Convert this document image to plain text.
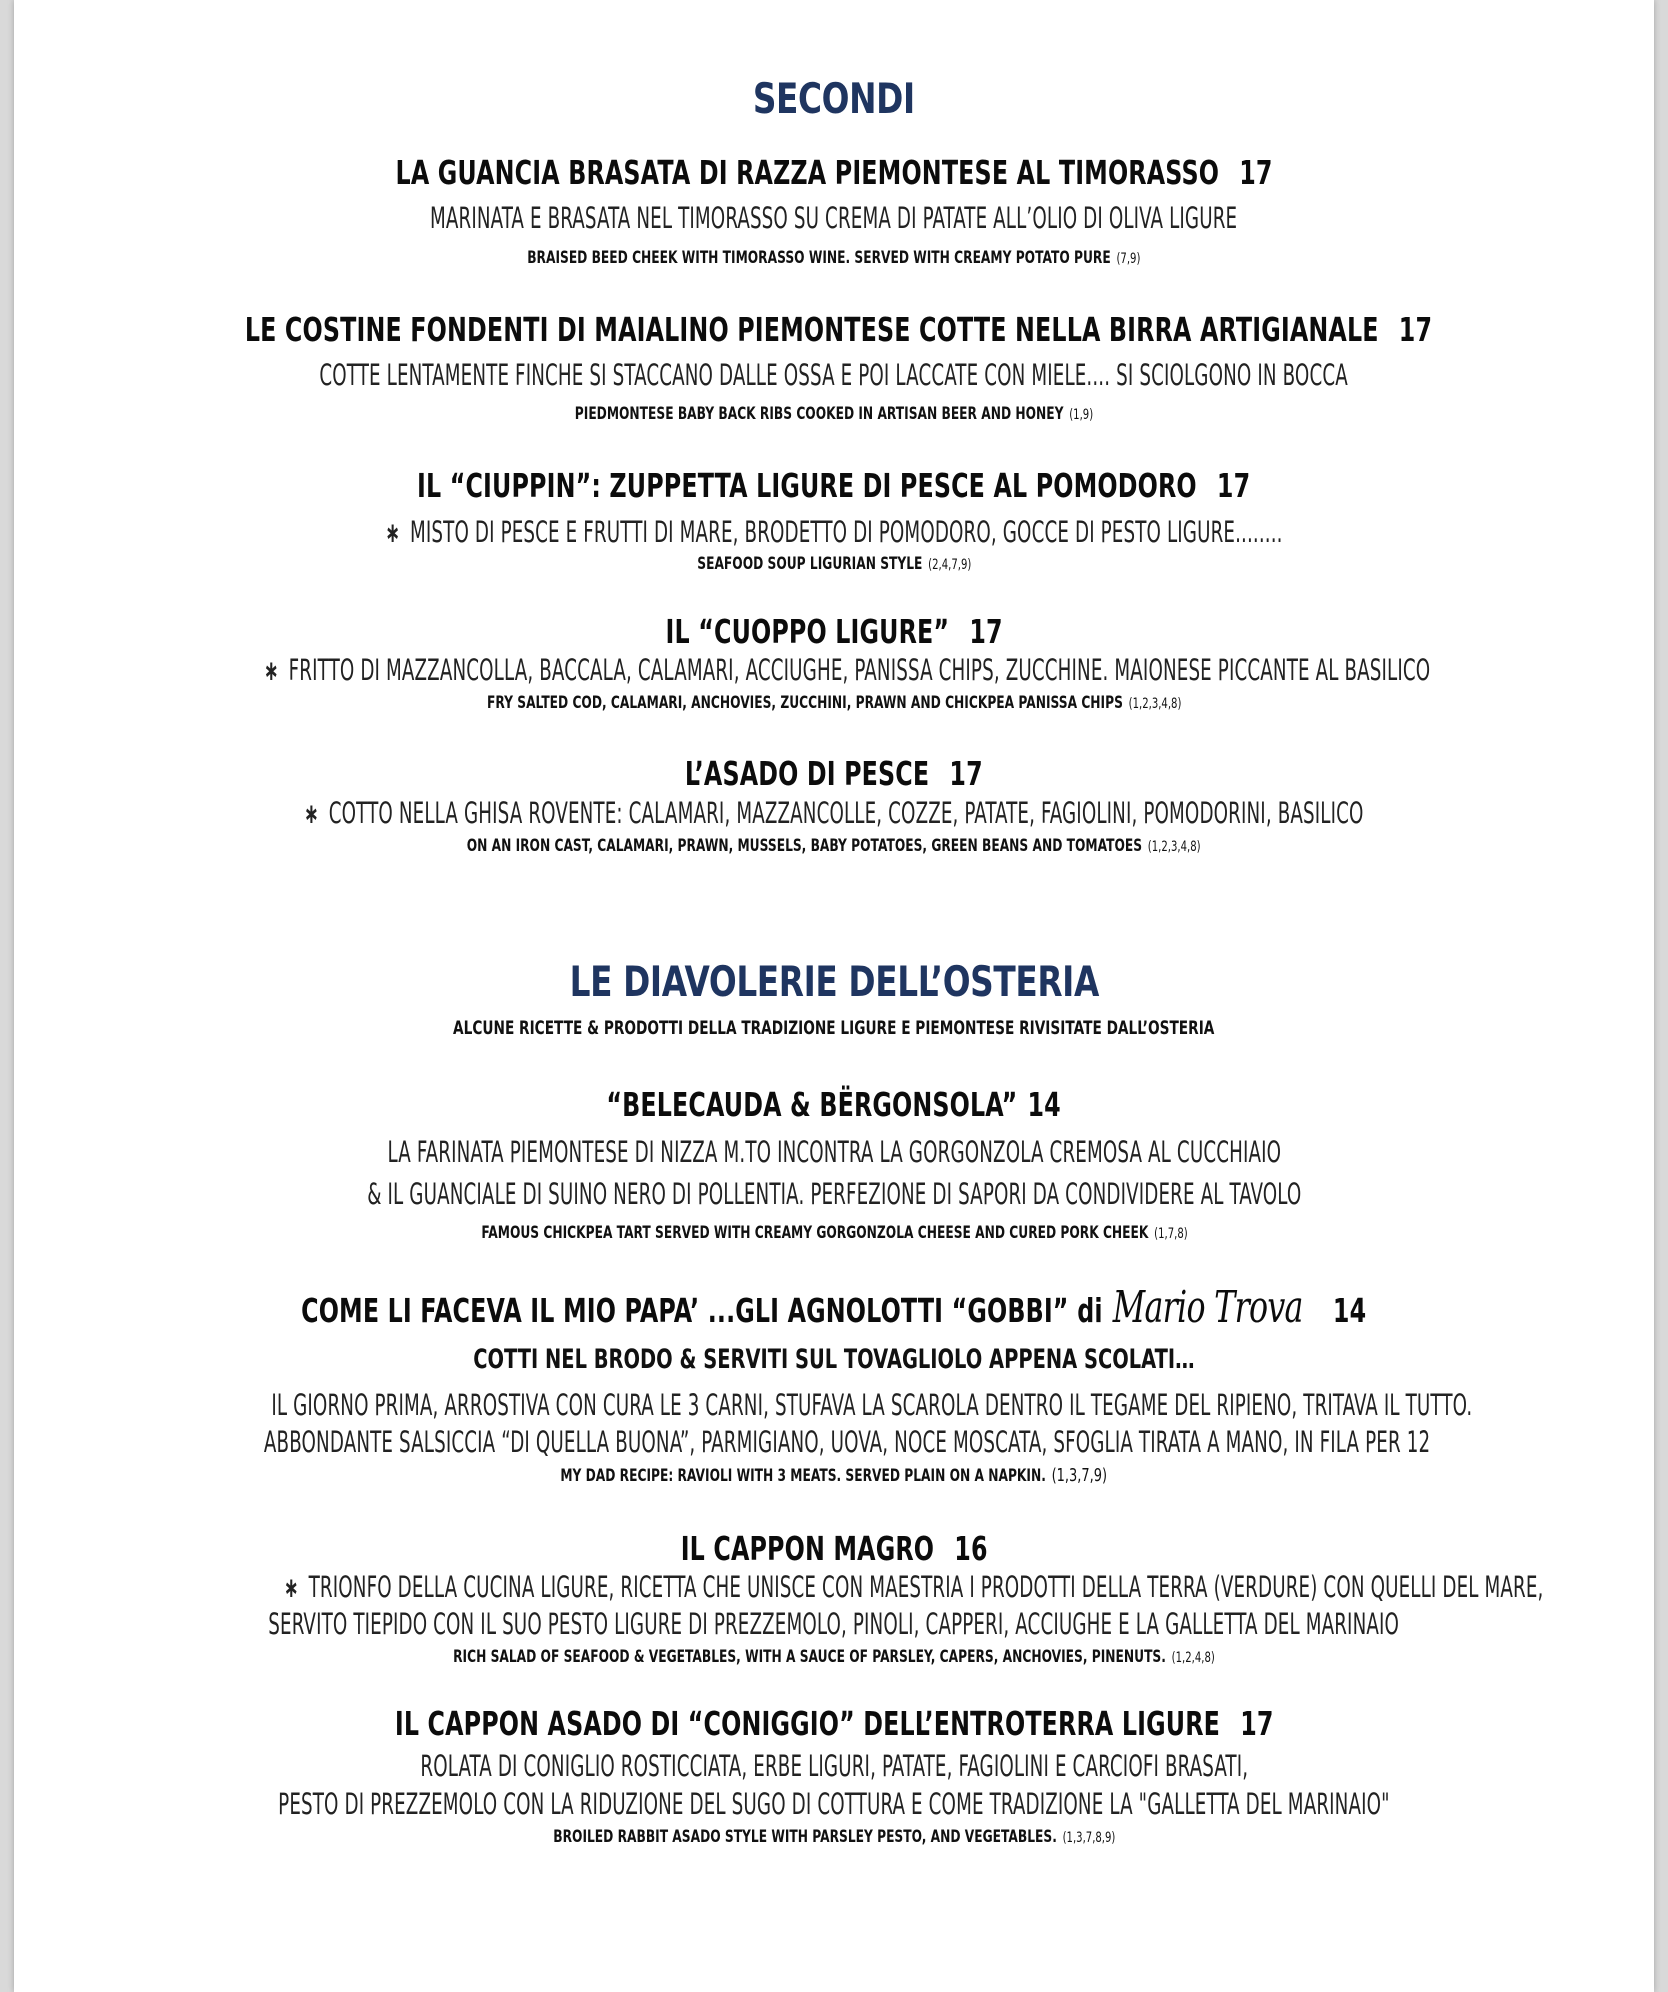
SECONDI
LA GUANCIA BRASATA DI RAZZA PIEMONTESE AL TIMORASSO 17
MARINATA E BRASATA NEL TIMORASSO SU CREMA DI PATATE ALL’OLIO DI OLIVA LIGURE
BRAISED BEED CHEEK WITH TIMORASSO WINE. SERVED WITH CREAMY POTATO PURE (7,9)
LE COSTINE FONDENTI DI MAIALINO PIEMONTESE COTTE NELLA BIRRA ARTIGIANALE 17
COTTE LENTAMENTE FINCHE SI STACCANO DALLE OSSA E POI LACCATE CON MIELE.... SI SCIOLGONO IN BOCCA
PIEDMONTESE BABY BACK RIBS COOKED IN ARTISAN BEER AND HONEY (1,9)
IL “CIUPPIN”: ZUPPETTA LIGURE DI PESCE AL POMODORO 17
∗ MISTO DI PESCE E FRUTTI DI MARE, BRODETTO DI POMODORO, GOCCE DI PESTO LIGURE........
SEAFOOD SOUP LIGURIAN STYLE (2,4,7,9)
IL “CUOPPO LIGURE” 17
∗ FRITTO DI MAZZANCOLLA, BACCALA, CALAMARI, ACCIUGHE, PANISSA CHIPS, ZUCCHINE. MAIONESE PICCANTE AL BASILICO
FRY SALTED COD, CALAMARI, ANCHOVIES, ZUCCHINI, PRAWN AND CHICKPEA PANISSA CHIPS (1,2,3,4,8)
L’ASADO DI PESCE 17
∗ COTTO NELLA GHISA ROVENTE: CALAMARI, MAZZANCOLLE, COZZE, PATATE, FAGIOLINI, POMODORINI, BASILICO
ON AN IRON CAST, CALAMARI, PRAWN, MUSSELS, BABY POTATOES, GREEN BEANS AND TOMATOES (1,2,3,4,8)
LE DIAVOLERIE DELL’OSTERIA
ALCUNE RICETTE & PRODOTTI DELLA TRADIZIONE LIGURE E PIEMONTESE RIVISITATE DALL’OSTERIA
“BELECAUDA & BËRGONSOLA” 14
LA FARINATA PIEMONTESE DI NIZZA M.TO INCONTRA LA GORGONZOLA CREMOSA AL CUCCHIAIO
& IL GUANCIALE DI SUINO NERO DI POLLENTIA. PERFEZIONE DI SAPORI DA CONDIVIDERE AL TAVOLO
FAMOUS CHICKPEA TART SERVED WITH CREAMY GORGONZOLA CHEESE AND CURED PORK CHEEK (1,7,8)
COME LI FACEVA IL MIO PAPA’ ...GLI AGNOLOTTI “GOBBI” di Mario Trova 14
COTTI NEL BRODO & SERVITI SUL TOVAGLIOLO APPENA SCOLATI…
IL GIORNO PRIMA, ARROSTIVA CON CURA LE 3 CARNI, STUFAVA LA SCAROLA DENTRO IL TEGAME DEL RIPIENO, TRITAVA IL TUTTO.
ABBONDANTE SALSICCIA “DI QUELLA BUONA”, PARMIGIANO, UOVA, NOCE MOSCATA, SFOGLIA TIRATA A MANO, IN FILA PER 12
MY DAD RECIPE: RAVIOLI WITH 3 MEATS. SERVED PLAIN ON A NAPKIN. (1,3,7,9)
IL CAPPON MAGRO 16
∗ TRIONFO DELLA CUCINA LIGURE, RICETTA CHE UNISCE CON MAESTRIA I PRODOTTI DELLA TERRA (VERDURE) CON QUELLI DEL MARE,
SERVITO TIEPIDO CON IL SUO PESTO LIGURE DI PREZZEMOLO, PINOLI, CAPPERI, ACCIUGHE E LA GALLETTA DEL MARINAIO
RICH SALAD OF SEAFOOD & VEGETABLES, WITH A SAUCE OF PARSLEY, CAPERS, ANCHOVIES, PINENUTS. (1,2,4,8)
IL CAPPON ASADO DI “CONIGGIO” DELL’ENTROTERRA LIGURE 17
ROLATA DI CONIGLIO ROSTICCIATA, ERBE LIGURI, PATATE, FAGIOLINI E CARCIOFI BRASATI,
PESTO DI PREZZEMOLO CON LA RIDUZIONE DEL SUGO DI COTTURA E COME TRADIZIONE LA "GALLETTA DEL MARINAIO"
BROILED RABBIT ASADO STYLE WITH PARSLEY PESTO, AND VEGETABLES. (1,3,7,8,9)
